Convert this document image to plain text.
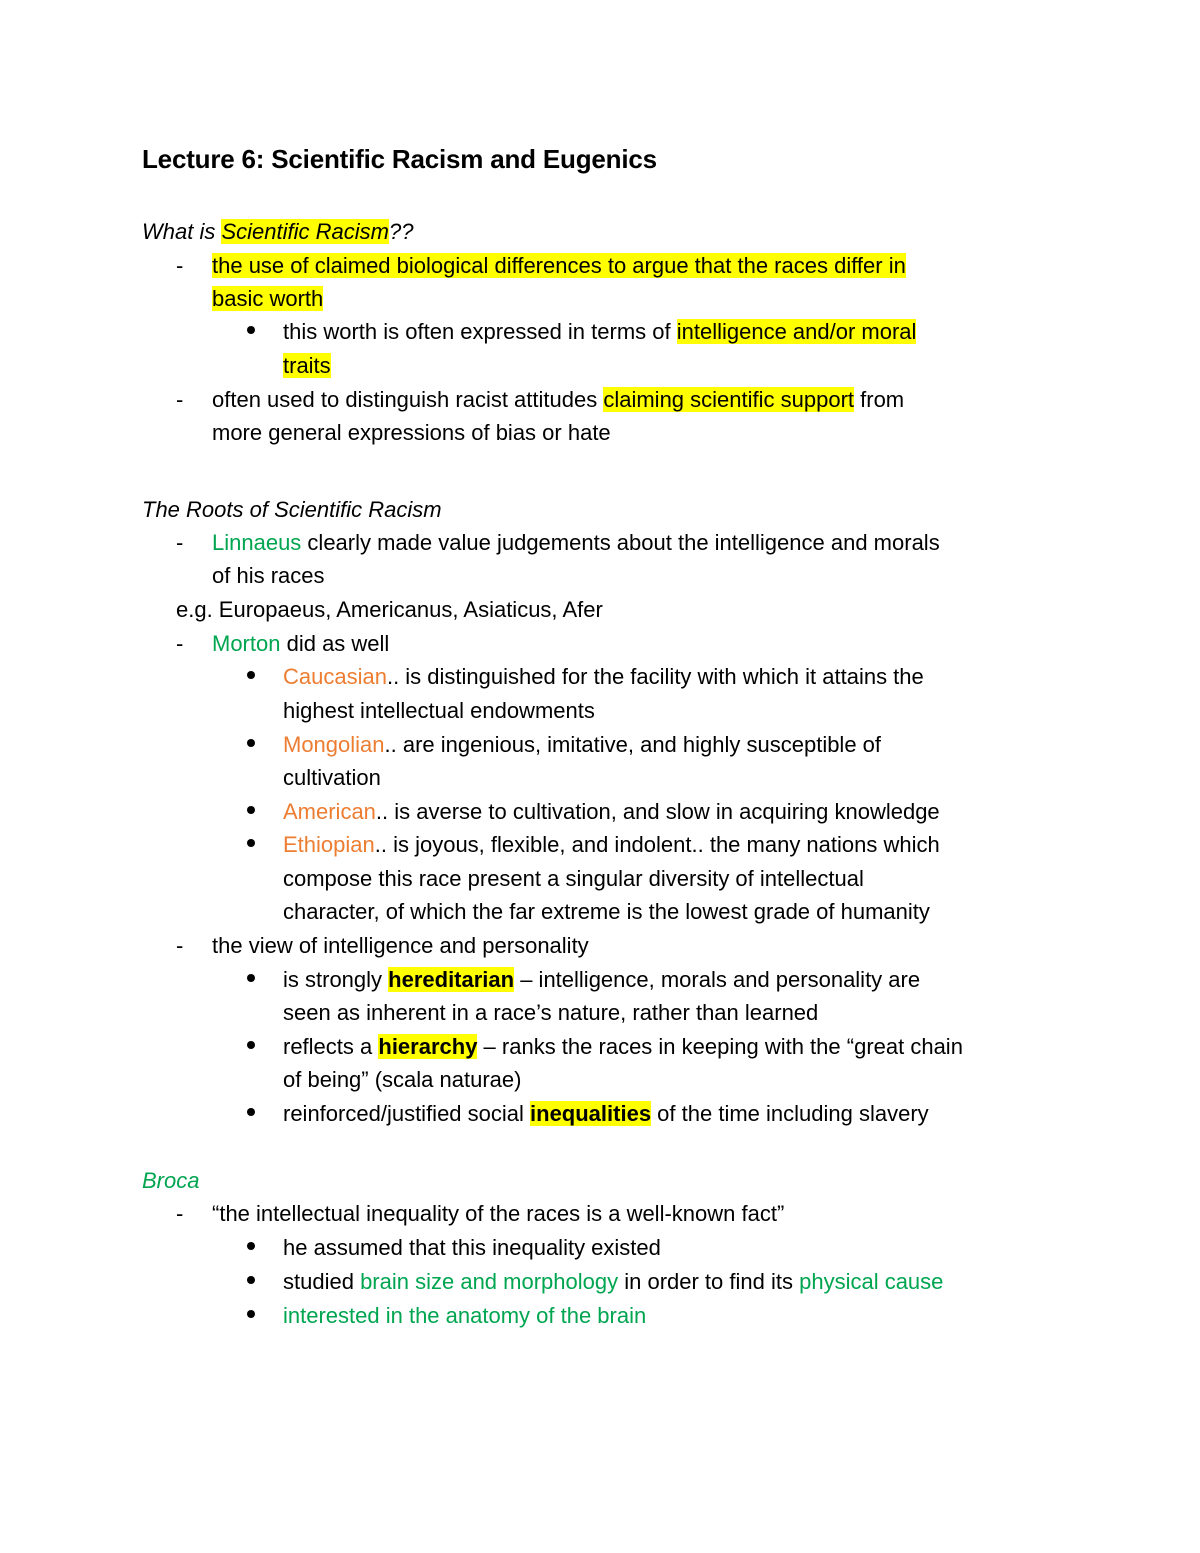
Lecture 6: Scientific Racism and Eugenics
What is Scientific Racism??
- the use of claimed biological differences to argue that the races differ in
basic worth
this worth is often expressed in terms of intelligence and/or moral
traits
- often used to distinguish racist attitudes claiming scientific support from
more general expressions of bias or hate
The Roots of Scientific Racism
- Linnaeus clearly made value judgements about the intelligence and morals
of his races
e.g. Europaeus, Americanus, Asiaticus, Afer
- Morton did as well
Caucasian.. is distinguished for the facility with which it attains the
highest intellectual endowments
Mongolian.. are ingenious, imitative, and highly susceptible of
cultivation
American.. is averse to cultivation, and slow in acquiring knowledge
Ethiopian.. is joyous, flexible, and indolent.. the many nations which
compose this race present a singular diversity of intellectual
character, of which the far extreme is the lowest grade of humanity
- the view of intelligence and personality
is strongly hereditarian – intelligence, morals and personality are
seen as inherent in a race’s nature, rather than learned
reflects a hierarchy – ranks the races in keeping with the “great chain
of being” (scala naturae)
reinforced/justified social inequalities of the time including slavery
Broca
- “the intellectual inequality of the races is a well-known fact”
he assumed that this inequality existed
studied brain size and morphology in order to find its physical cause
interested in the anatomy of the brain
